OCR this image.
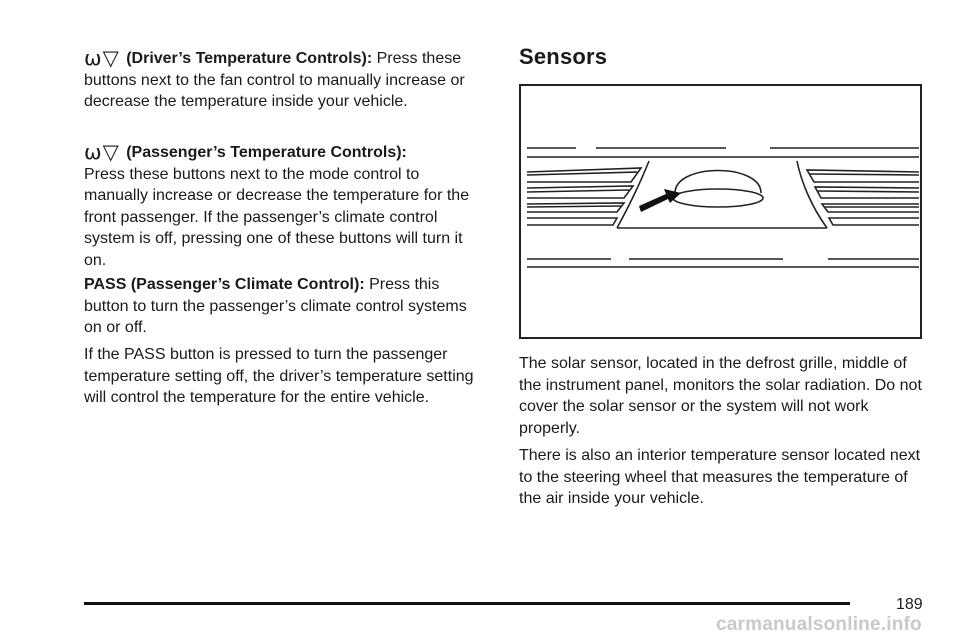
⍵▽ (Driver’s Temperature Controls): Press these buttons next to the fan control to manually increase or decrease the temperature inside your vehicle.

⍵▽ (Passenger’s Temperature Controls):
Press these buttons next to the mode control to manually increase or decrease the temperature for the front passenger. If the passenger’s climate control system is off, pressing one of these buttons will turn it on.

PASS (Passenger’s Climate Control): Press this button to turn the passenger’s climate control systems on or off.

If the PASS button is pressed to turn the passenger temperature setting off, the driver’s temperature setting will control the temperature for the entire vehicle.

Sensors

The solar sensor, located in the defrost grille, middle of the instrument panel, monitors the solar radiation. Do not cover the solar sensor or the system will not work properly.

There is also an interior temperature sensor located next to the steering wheel that measures the temperature of the air inside your vehicle.

189
carmanualsonline.info
